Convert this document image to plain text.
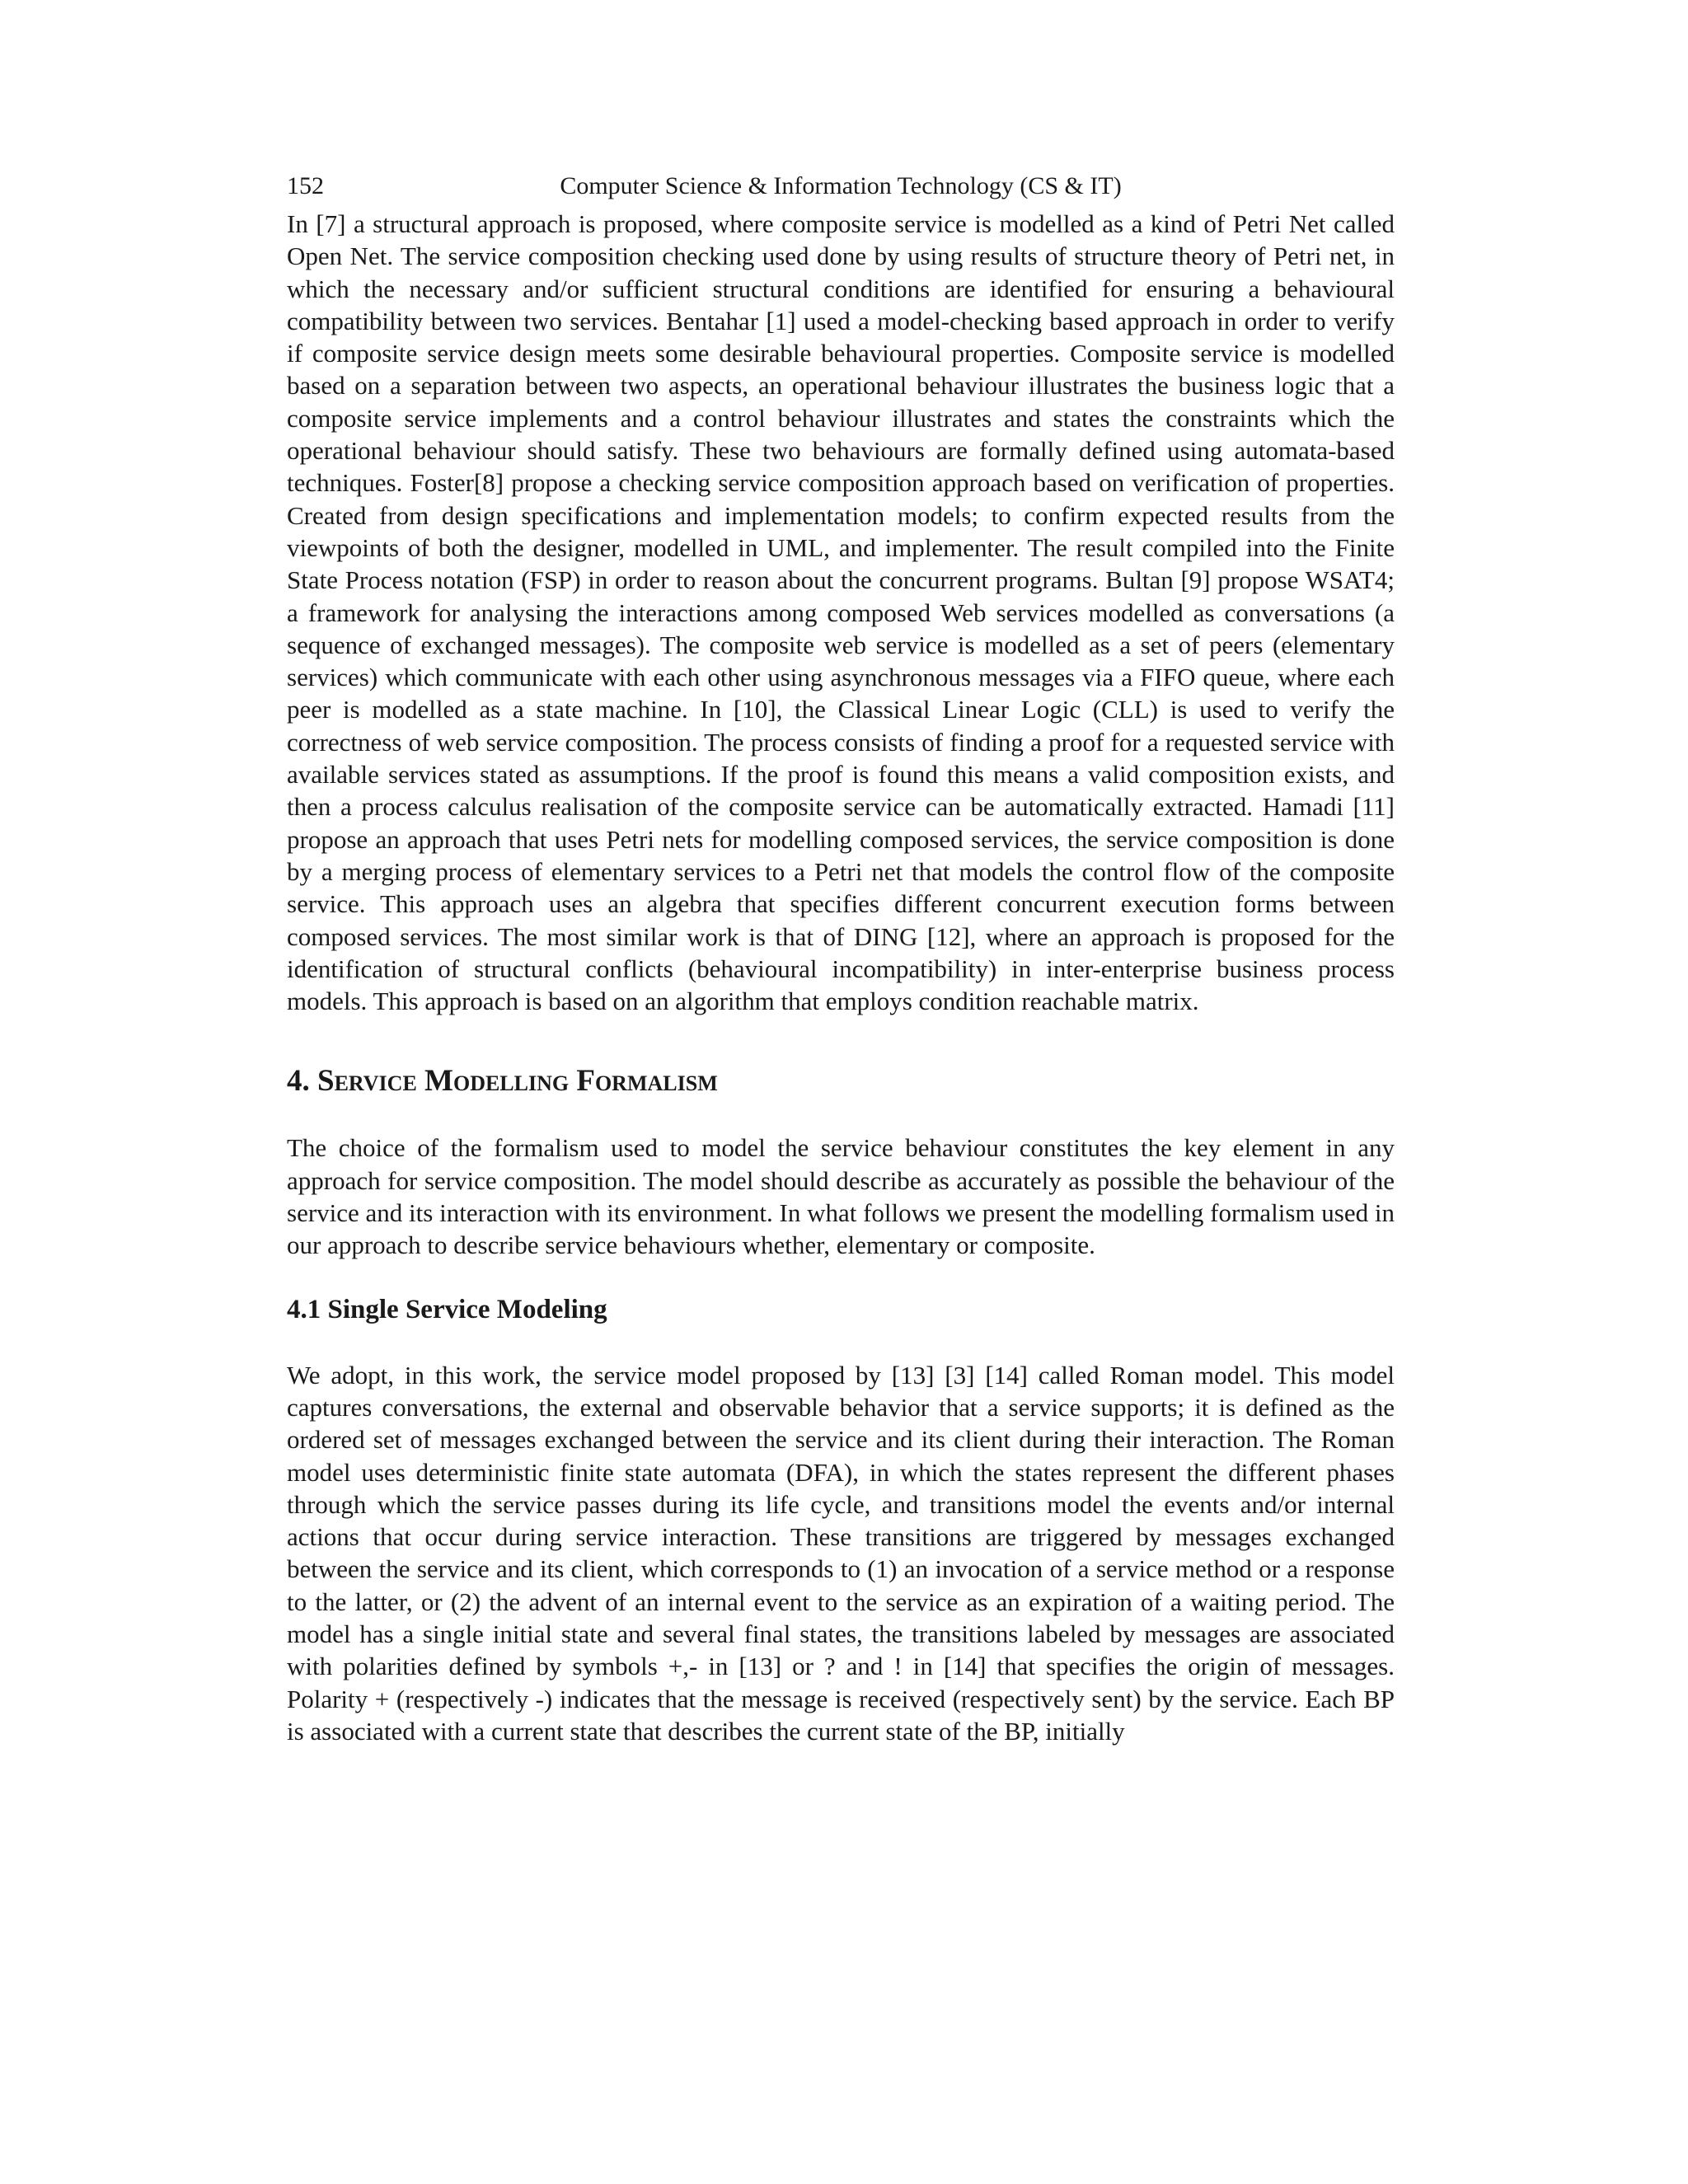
152	Computer Science & Information Technology (CS & IT)

In [7] a structural approach is proposed, where composite service is modelled as a kind of Petri Net called Open Net. The service composition checking used done by using results of structure theory of Petri net, in which the necessary and/or sufficient structural conditions are identified for ensuring a behavioural compatibility between two services. Bentahar [1] used a model-checking based approach in order to verify if composite service design meets some desirable behavioural properties. Composite service is modelled based on a separation between two aspects, an operational behaviour illustrates the business logic that a composite service implements and a control behaviour illustrates and states the constraints which the operational behaviour should satisfy. These two behaviours are formally defined using automata-based techniques. Foster[8] propose a checking service composition approach based on verification of properties. Created from design specifications and implementation models; to confirm expected results from the viewpoints of both the designer, modelled in UML, and implementer. The result compiled into the Finite State Process notation (FSP) in order to reason about the concurrent programs. Bultan [9] propose WSAT4; a framework for analysing the interactions among composed Web services modelled as conversations (a sequence of exchanged messages). The composite web service is modelled as a set of peers (elementary services) which communicate with each other using asynchronous messages via a FIFO queue, where each peer is modelled as a state machine. In [10], the Classical Linear Logic (CLL) is used to verify the correctness of web service composition. The process consists of finding a proof for a requested service with available services stated as assumptions. If the proof is found this means a valid composition exists, and then a process calculus realisation of the composite service can be automatically extracted. Hamadi [11] propose an approach that uses Petri nets for modelling composed services, the service composition is done by a merging process of elementary services to a Petri net that models the control flow of the composite service. This approach uses an algebra that specifies different concurrent execution forms between composed services. The most similar work is that of DING [12], where an approach is proposed for the identification of structural conflicts (behavioural incompatibility) in inter-enterprise business process models. This approach is based on an algorithm that employs condition reachable matrix.

4. Service Modelling Formalism

The choice of the formalism used to model the service behaviour constitutes the key element in any approach for service composition. The model should describe as accurately as possible the behaviour of the service and its interaction with its environment. In what follows we present the modelling formalism used in our approach to describe service behaviours whether, elementary or composite.

4.1 Single Service Modeling

We adopt, in this work, the service model proposed by [13] [3] [14] called Roman model. This model captures conversations, the external and observable behavior that a service supports; it is defined as the ordered set of messages exchanged between the service and its client during their interaction. The Roman model uses deterministic finite state automata (DFA), in which the states represent the different phases through which the service passes during its life cycle, and transitions model the events and/or internal actions that occur during service interaction. These transitions are triggered by messages exchanged between the service and its client, which corresponds to (1) an invocation of a service method or a response to the latter, or (2) the advent of an internal event to the service as an expiration of a waiting period. The model has a single initial state and several final states, the transitions labeled by messages are associated with polarities defined by symbols +,- in [13] or ? and ! in [14] that specifies the origin of messages. Polarity + (respectively -) indicates that the message is received (respectively sent) by the service. Each BP is associated with a current state that describes the current state of the BP, initially
